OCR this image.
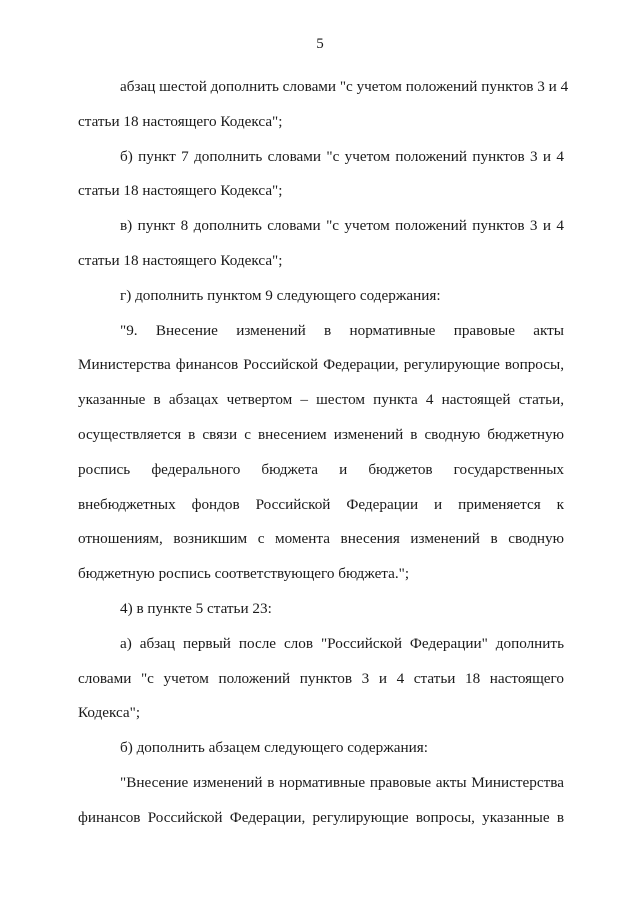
5
абзац шестой дополнить словами "с учетом положений пунктов 3 и 4
статьи 18 настоящего Кодекса";
б) пункт 7 дополнить словами "с учетом положений пунктов 3 и 4
статьи 18 настоящего Кодекса";
в) пункт 8 дополнить словами "с учетом положений пунктов 3 и 4
статьи 18 настоящего Кодекса";
г) дополнить пунктом 9 следующего содержания:
"9. Внесение изменений в нормативные правовые акты
Министерства финансов Российской Федерации, регулирующие вопросы,
указанные в абзацах четвертом – шестом пункта 4 настоящей статьи,
осуществляется в связи с внесением изменений в сводную бюджетную
роспись федерального бюджета и бюджетов государственных
внебюджетных фондов Российской Федерации и применяется к
отношениям, возникшим с момента внесения изменений в сводную
бюджетную роспись соответствующего бюджета.";
4) в пункте 5 статьи 23:
а) абзац первый после слов "Российской Федерации" дополнить
словами "с учетом положений пунктов 3 и 4 статьи 18 настоящего
Кодекса";
б) дополнить абзацем следующего содержания:
"Внесение изменений в нормативные правовые акты Министерства
финансов Российской Федерации, регулирующие вопросы, указанные в
